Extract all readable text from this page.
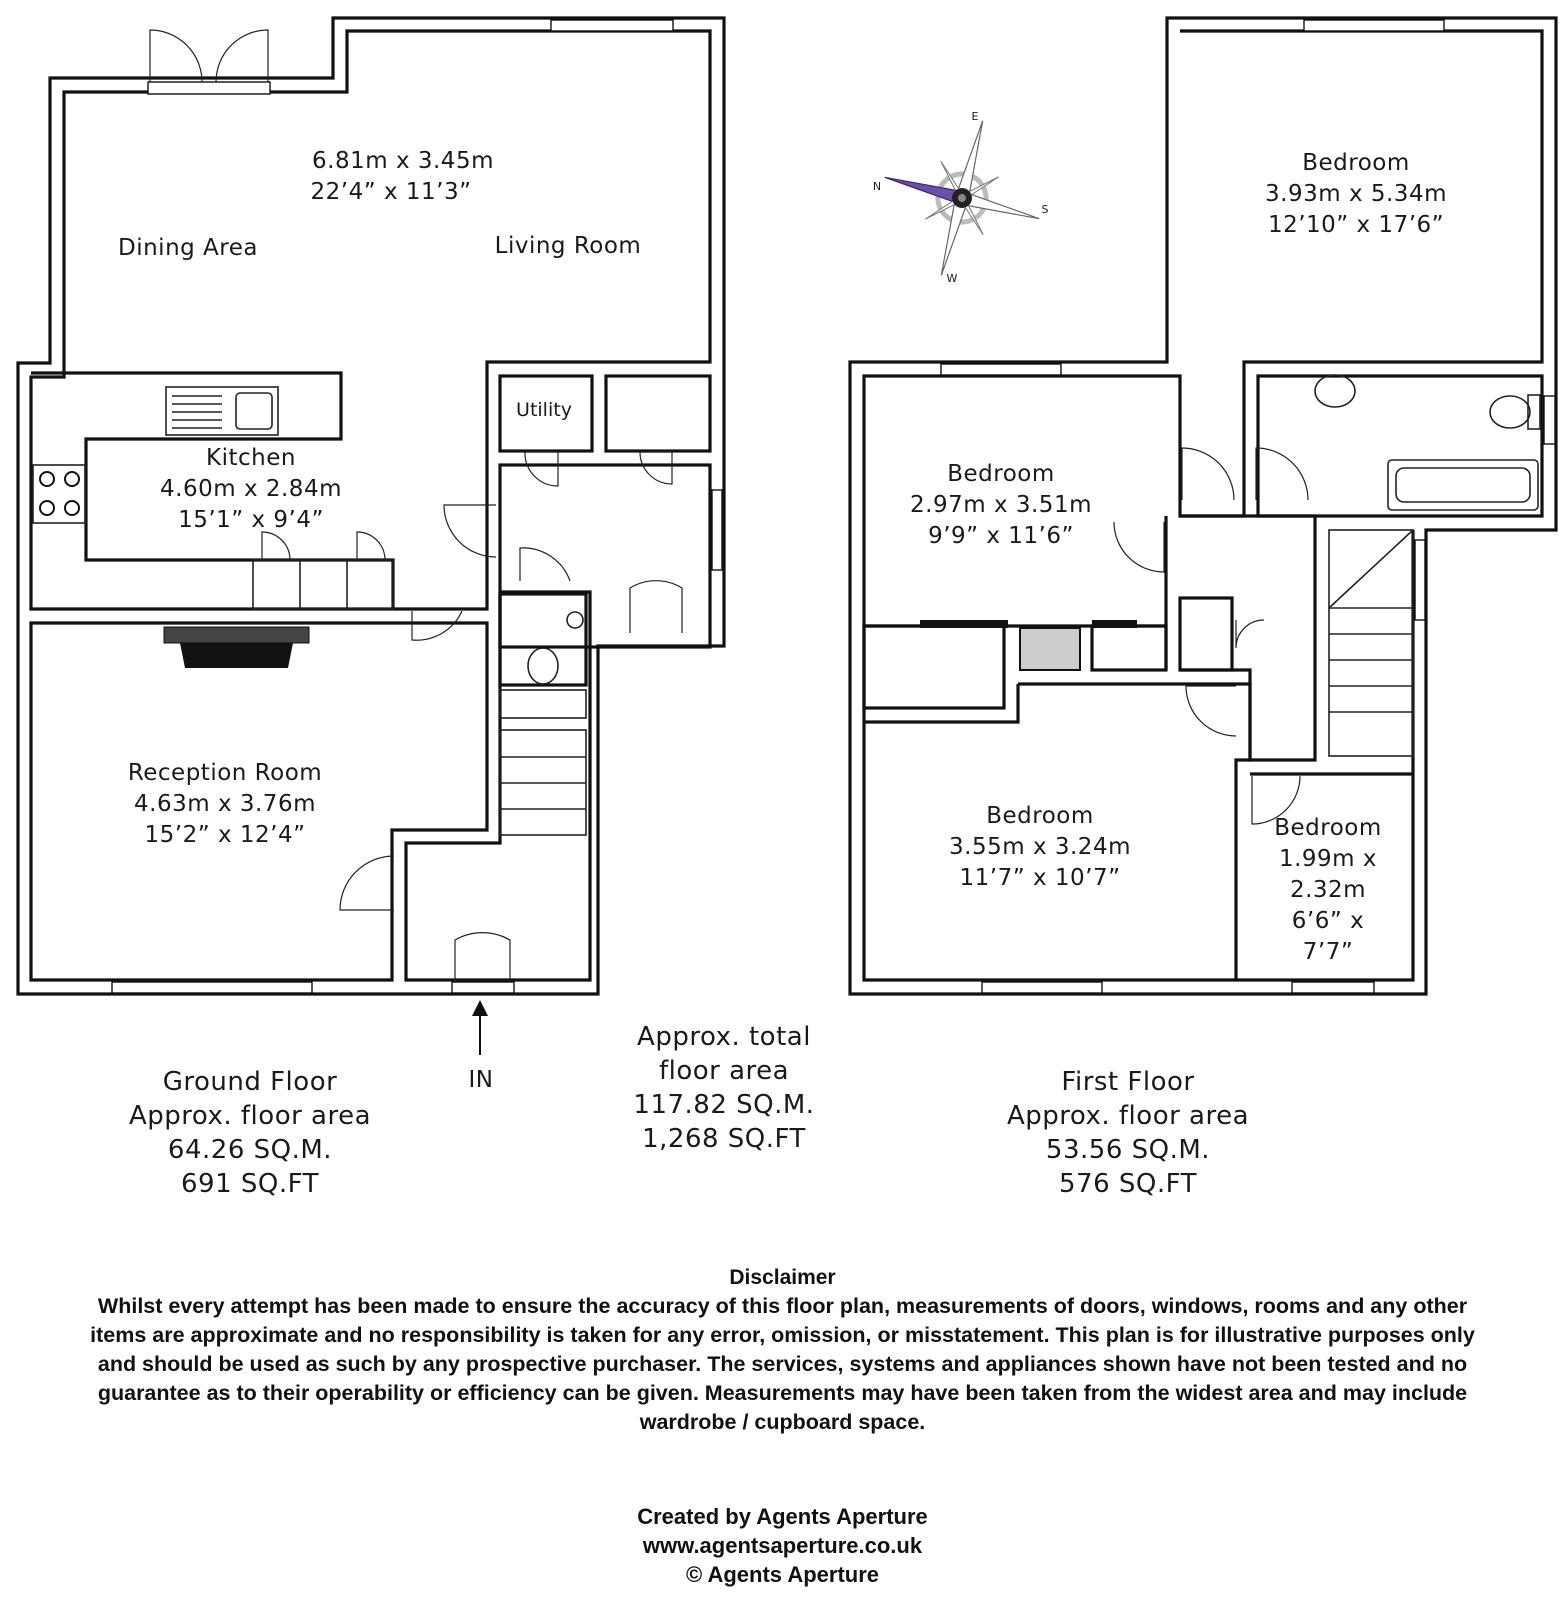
6.81m x 3.45m
22’4” x 11’3”
Dining Area	Living Room
Utility
Kitchen
4.60m x 2.84m
15’1” x 9’4”
Reception Room
4.63m x 3.76m
15’2” x 12’4”
IN
Ground Floor
Approx. floor area
64.26 SQ.M.
691 SQ.FT
Approx. total
floor area
117.82 SQ.M.
1,268 SQ.FT
N
E
S
W
Bedroom
3.93m x 5.34m
12’10” x 17’6”
Bedroom
2.97m x 3.51m
9’9” x 11’6”
Bedroom
3.55m x 3.24m
11’7” x 10’7”
Bedroom
1.99m x
2.32m
6’6” x
7’7”
First Floor
Approx. floor area
53.56 SQ.M.
576 SQ.FT
Disclaimer
Whilst every attempt has been made to ensure the accuracy of this floor plan, measurements of doors, windows, rooms and any other items are approximate and no responsibility is taken for any error, omission, or misstatement. This plan is for illustrative purposes only and should be used as such by any prospective purchaser. The services, systems and appliances shown have not been tested and no guarantee as to their operability or efficiency can be given. Measurements may have been taken from the widest area and may include wardrobe / cupboard space.
Created by Agents Aperture
www.agentsaperture.co.uk
© Agents Aperture
